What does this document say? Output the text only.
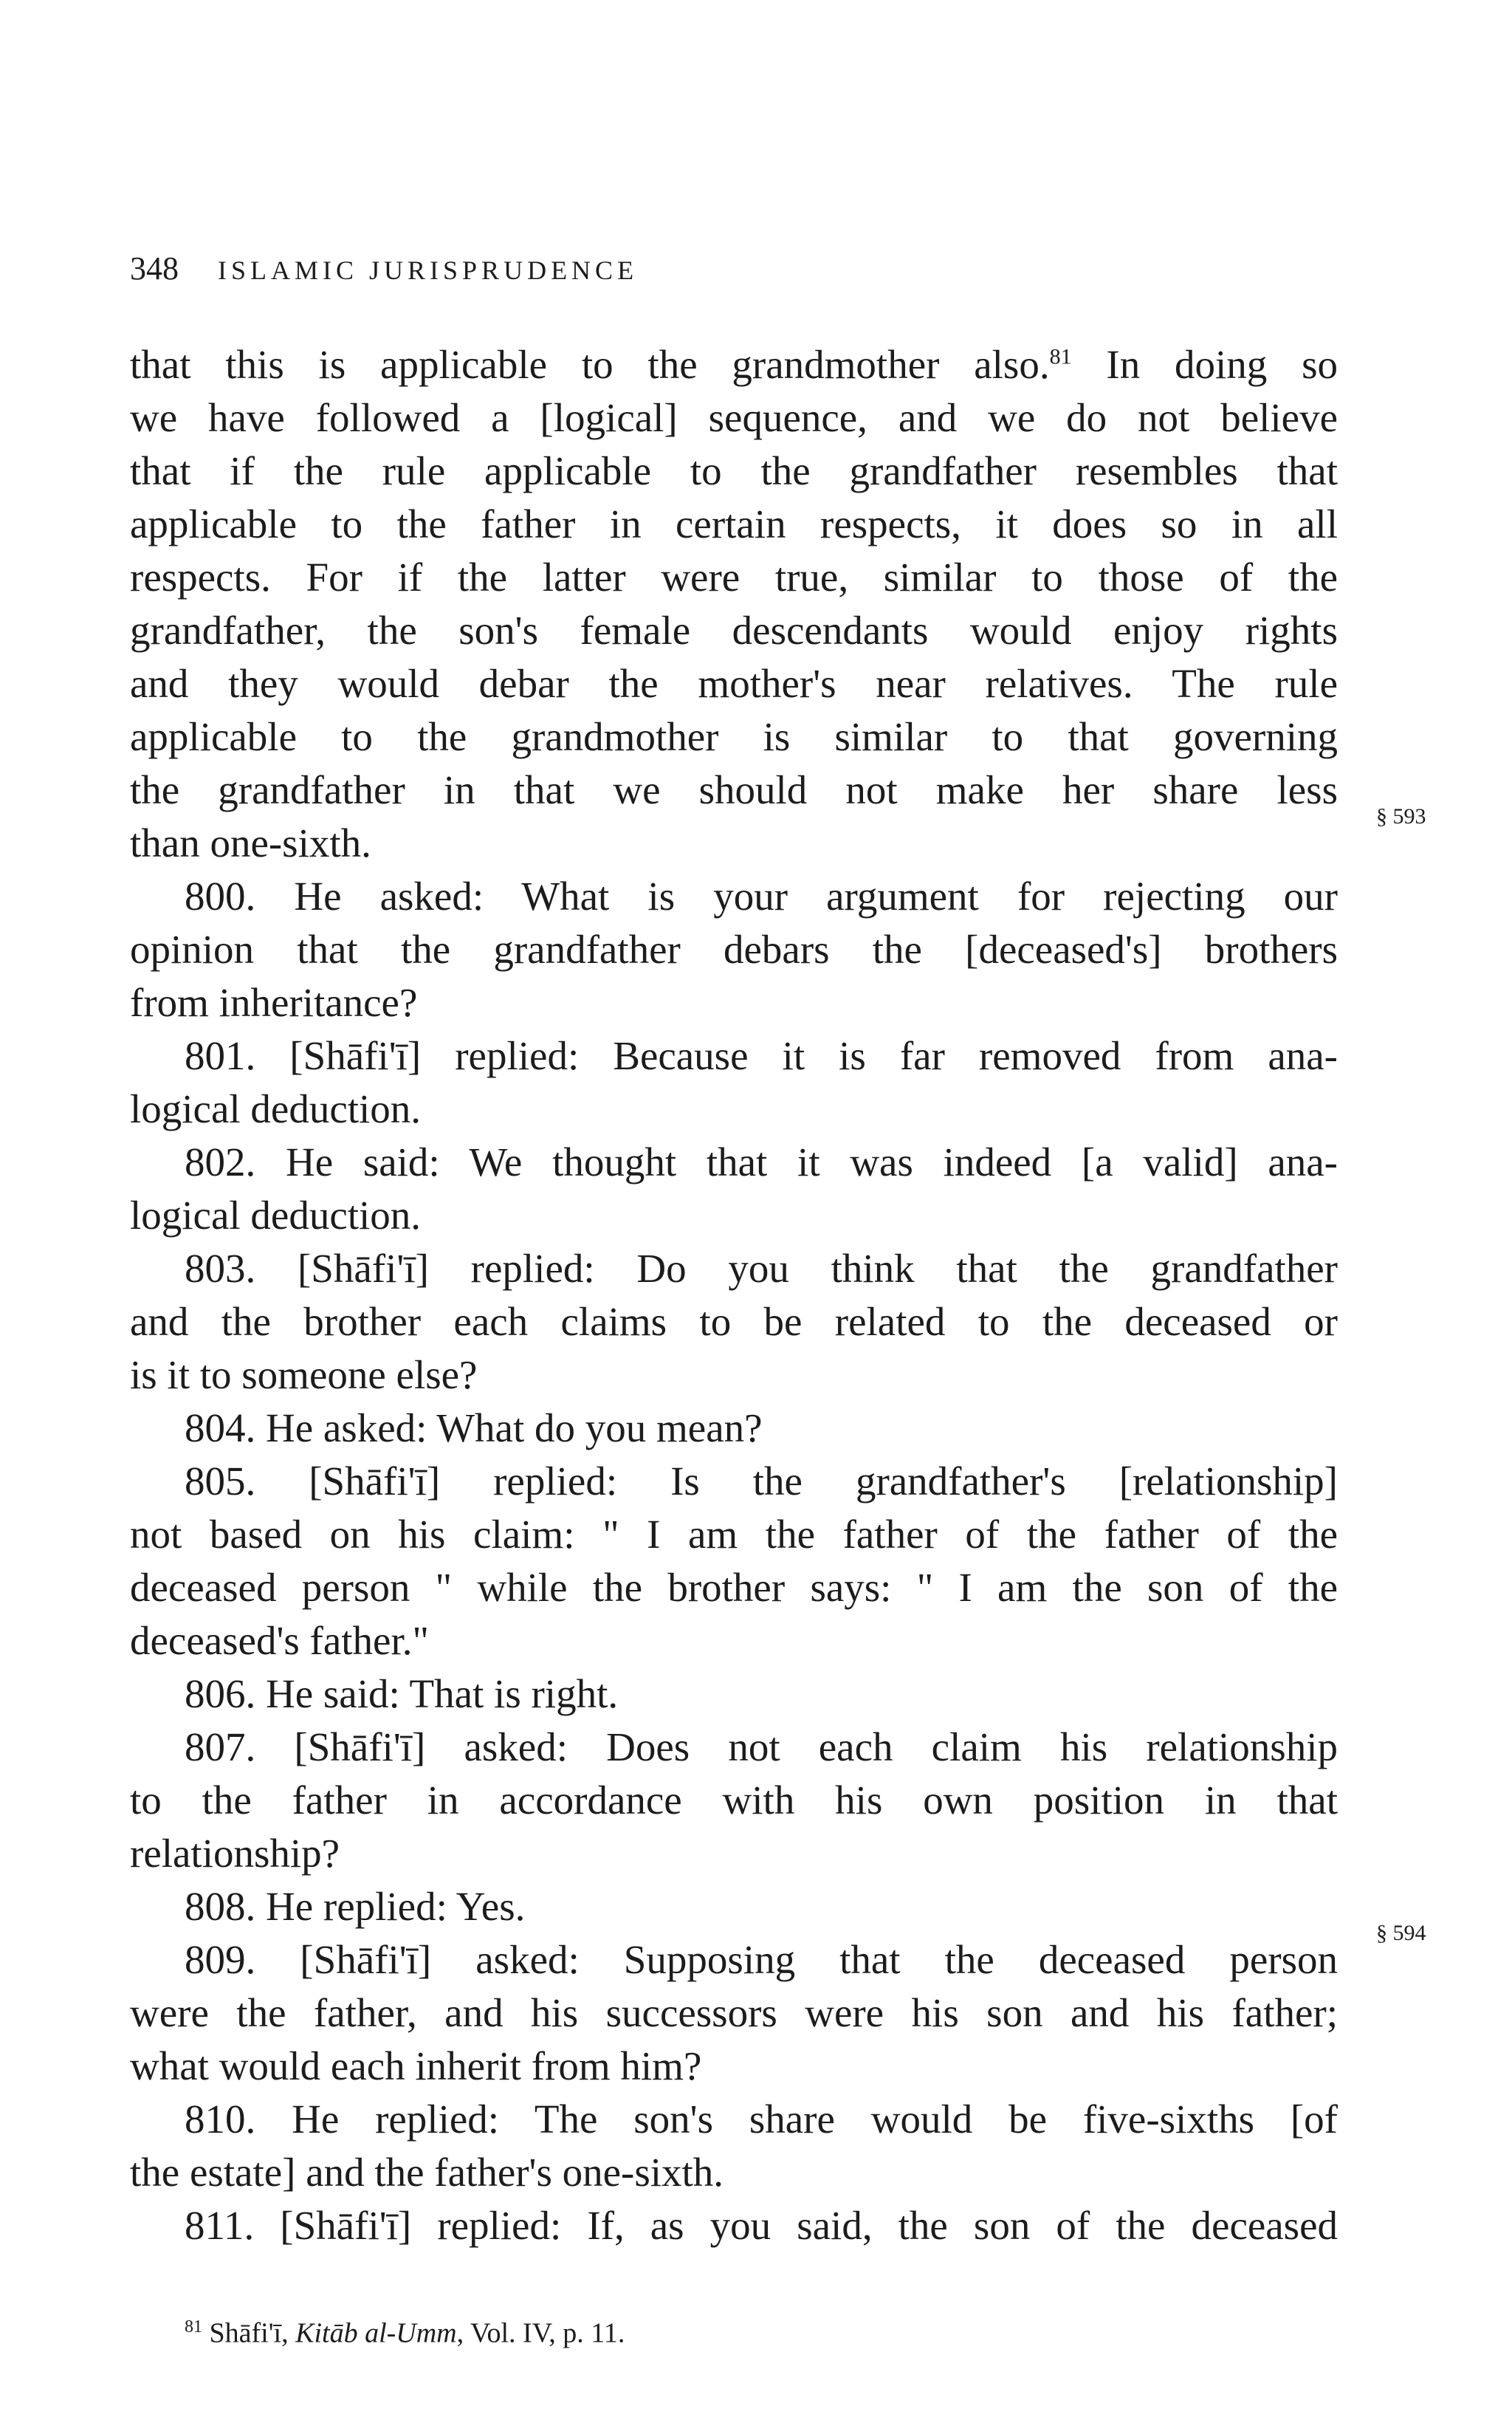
348 ISLAMIC JURISPRUDENCE
that this is applicable to the grandmother also.$^{81}$ In doing so
we have followed a [logical] sequence, and we do not believe
that if the rule applicable to the grandfather resembles that
applicable to the father in certain respects, it does so in all
respects. For if the latter were true, similar to those of the
grandfather, the son's female descendants would enjoy rights
and they would debar the mother's near relatives. The rule
applicable to the grandmother is similar to that governing
the grandfather in that we should not make her share less
than one-sixth.
800. He asked: What is your argument for rejecting our
opinion that the grandfather debars the [deceased's] brothers
from inheritance?
801. [Shāfi'ī] replied: Because it is far removed from ana-
logical deduction.
802. He said: We thought that it was indeed [a valid] ana-
logical deduction.
803. [Shāfi'ī] replied: Do you think that the grandfather
and the brother each claims to be related to the deceased or
is it to someone else?
804. He asked: What do you mean?
805. [Shāfi'ī] replied: Is the grandfather's [relationship]
not based on his claim: " I am the father of the father of the
deceased person " while the brother says: " I am the son of the
deceased's father."
806. He said: That is right.
807. [Shāfi'ī] asked: Does not each claim his relationship
to the father in accordance with his own position in that
relationship?
808. He replied: Yes.
809. [Shāfi'ī] asked: Supposing that the deceased person
were the father, and his successors were his son and his father;
what would each inherit from him?
810. He replied: The son's share would be five-sixths [of
the estate] and the father's one-sixth.
811. [Shāfi'ī] replied: If, as you said, the son of the deceased
§ 593
§ 594
$^{81}$ Shāfi'ī, Kitāb al-Umm, Vol. IV, p. 11.
